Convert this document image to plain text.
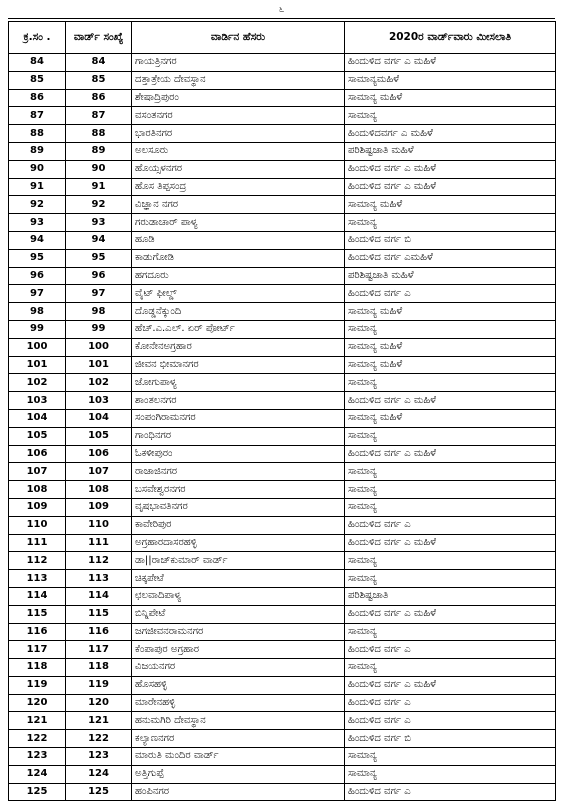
೬
ಕ್ರ.ಸಂ .	ವಾರ್ಡ್ ಸಂಖ್ಯೆ	ವಾರ್ಡಿನ ಹೆಸರು	2020ರ ವಾರ್ಡ್‌ವಾರು ಮೀಸಲಾತಿ
84	84	ಗಾಯತ್ರಿನಗರ	ಹಿಂದುಳಿದ ವರ್ಗ ಎ ಮಹಿಳೆ
85	85	ದತ್ತಾತ್ರೇಯ ದೇವಸ್ಥಾನ	ಸಾಮಾನ್ಯಮಹಿಳೆ
86	86	ಶೇಷಾದ್ರಿಪುರಂ	ಸಾಮಾನ್ಯ ಮಹಿಳೆ
87	87	ವಸಂತನಗರ	ಸಾಮಾನ್ಯ
88	88	ಭಾರತಿನಗರ	ಹಿಂದುಳಿದವರ್ಗ ಎ ಮಹಿಳೆ
89	89	ಅಲಸೂರು	ಪರಿಶಿಷ್ಟಜಾತಿ ಮಹಿಳೆ
90	90	ಹೊಯ್ಸಳನಗರ	ಹಿಂದುಳಿದ ವರ್ಗ ಎ ಮಹಿಳೆ
91	91	ಹೊಸ ತಿಪ್ಪಸಂದ್ರ	ಹಿಂದುಳಿದ ವರ್ಗ ಎ ಮಹಿಳೆ
92	92	ವಿಜ್ಞಾನ ನಗರ	ಸಾಮಾನ್ಯ ಮಹಿಳೆ
93	93	ಗರುಡಾಚಾರ್ ಪಾಳ್ಯ	ಸಾಮಾನ್ಯ
94	94	ಹೂಡಿ	ಹಿಂದುಳಿದ ವರ್ಗ ಬಿ
95	95	ಕಾಡುಗೋಡಿ	ಹಿಂದುಳಿದ ವರ್ಗ ಎಮಹಿಳೆ
96	96	ಹಗದೂರು	ಪರಿಶಿಷ್ಟಜಾತಿ ಮಹಿಳೆ
97	97	ವೈಟ್ ಫೀಲ್ಡ್	ಹಿಂದುಳಿದ ವರ್ಗ ಎ
98	98	ದೊಡ್ಡನೆಕ್ಕುಂದಿ	ಸಾಮಾನ್ಯ ಮಹಿಳೆ
99	99	ಹೆಚ್.ಎ.ಎಲ್. ಏರ್ ಪೋರ್ಟ್	ಸಾಮಾನ್ಯ
100	100	ಕೋನೇನಅಗ್ರಹಾರ	ಸಾಮಾನ್ಯ ಮಹಿಳೆ
101	101	ಜೀವನ ಭೀಮಾನಗರ	ಸಾಮಾನ್ಯ ಮಹಿಳೆ
102	102	ಜೋಗುಪಾಳ್ಯ	ಸಾಮಾನ್ಯ
103	103	ಶಾಂತಲನಗರ	ಹಿಂದುಳಿದ ವರ್ಗ ಎ ಮಹಿಳೆ
104	104	ಸಂಪಂಗಿರಾಮನಗರ	ಸಾಮಾನ್ಯ ಮಹಿಳೆ
105	105	ಗಾಂಧಿನಗರ	ಸಾಮಾನ್ಯ
106	106	ಓಕಳೀಪುರಂ	ಹಿಂದುಳಿದ ವರ್ಗ ಎ ಮಹಿಳೆ
107	107	ರಾಜಾಜಿನಗರ	ಸಾಮಾನ್ಯ
108	108	ಬಸವೇಶ್ವರನಗರ	ಸಾಮಾನ್ಯ
109	109	ವೃಷಭಾವತಿನಗರ	ಸಾಮಾನ್ಯ
110	110	ಕಾವೇರಿಪುರ	ಹಿಂದುಳಿದ ವರ್ಗ ಎ
111	111	ಅಗ್ರಹಾರದಾಸರಹಳ್ಳಿ	ಹಿಂದುಳಿದ ವರ್ಗ ಎ ಮಹಿಳೆ
112	112	ಡಾ||ರಾಜ್‌ಕುಮಾರ್ ವಾರ್ಡ್	ಸಾಮಾನ್ಯ
113	113	ಚಿಕ್ಕಪೇಟೆ	ಸಾಮಾನ್ಯ
114	114	ಛಲವಾದಿಪಾಳ್ಯ	ಪರಿಶಿಷ್ಟಜಾತಿ
115	115	ಬಿನ್ನಿಪೇಟೆ	ಹಿಂದುಳಿದ ವರ್ಗ ಎ ಮಹಿಳೆ
116	116	ಜಗಜೀವನರಾಮನಗರ	ಸಾಮಾನ್ಯ
117	117	ಕೆಂಪಾಪುರ ಅಗ್ರಹಾರ	ಹಿಂದುಳಿದ ವರ್ಗ ಎ
118	118	ವಿಜಯನಗರ	ಸಾಮಾನ್ಯ
119	119	ಹೊಸಹಳ್ಳಿ	ಹಿಂದುಳಿದ ವರ್ಗ ಎ ಮಹಿಳೆ
120	120	ಮಾರೇನಹಳ್ಳಿ	ಹಿಂದುಳಿದ ವರ್ಗ ಎ
121	121	ಹನುಮಗಿರಿ ದೇವಸ್ಥಾನ	ಹಿಂದುಳಿದ ವರ್ಗ ಎ
122	122	ಕಲ್ಯಾಣನಗರ	ಹಿಂದುಳಿದ ವರ್ಗ ಬಿ
123	123	ಮಾರುತಿ ಮಂದಿರ ವಾರ್ಡ್	ಸಾಮಾನ್ಯ
124	124	ಅತ್ತಿಗುಪ್ಪೆ	ಸಾಮಾನ್ಯ
125	125	ಹಂಪಿನಗರ	ಹಿಂದುಳಿದ ವರ್ಗ ಎ
